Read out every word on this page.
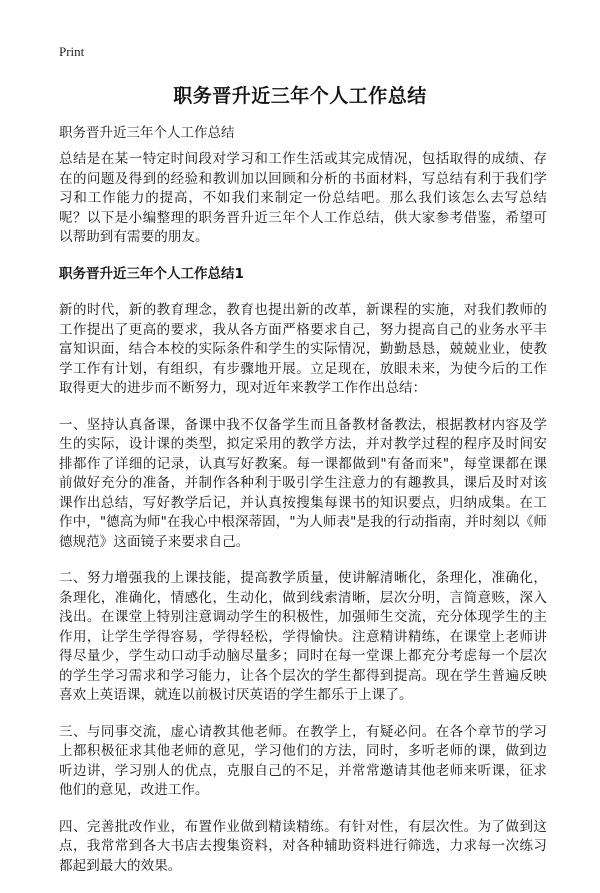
Print
职务晋升近三年个人工作总结
职务晋升近三年个人工作总结

总结是在某一特定时间段对学习和工作生活或其完成情况，包括取得的成绩、存在的问题及得到的经验和教训加以回顾和分析的书面材料，写总结有利于我们学习和工作能力的提高，不如我们来制定一份总结吧。那么我们该怎么去写总结呢？以下是小编整理的职务晋升近三年个人工作总结，供大家参考借鉴，希望可以帮助到有需要的朋友。

职务晋升近三年个人工作总结1

新的时代，新的教育理念，教育也提出新的改革，新课程的实施，对我们教师的工作提出了更高的要求，我从各方面严格要求自己，努力提高自己的业务水平丰富知识面，结合本校的实际条件和学生的实际情况，勤勤恳恳，兢兢业业，使教学工作有计划，有组织，有步骤地开展。立足现在，放眼未来，为使今后的工作取得更大的进步而不断努力，现对近年来教学工作作出总结：

一、坚持认真备课，备课中我不仅备学生而且备教材备教法，根据教材内容及学生的实际，设计课的类型，拟定采用的教学方法，并对教学过程的程序及时间安排都作了详细的记录，认真写好教案。每一课都做到"有备而来"，每堂课都在课前做好充分的准备，并制作各种利于吸引学生注意力的有趣教具，课后及时对该课作出总结，写好教学后记，并认真按搜集每课书的知识要点，归纳成集。在工作中，"德高为师"在我心中根深蒂固，"为人师表"是我的行动指南，并时刻以《师德规范》这面镜子来要求自己。

二、努力增强我的上课技能，提高教学质量，使讲解清晰化，条理化，准确化，条理化，准确化，情感化，生动化，做到线索清晰，层次分明，言简意赅，深入浅出。在课堂上特别注意调动学生的积极性，加强师生交流，充分体现学生的主作用，让学生学得容易，学得轻松，学得愉快。注意精讲精练，在课堂上老师讲得尽量少，学生动口动手动脑尽量多；同时在每一堂课上都充分考虑每一个层次的学生学习需求和学习能力，让各个层次的学生都得到提高。现在学生普遍反映喜欢上英语课，就连以前极讨厌英语的学生都乐于上课了。

三、与同事交流，虚心请教其他老师。在教学上，有疑必问。在各个章节的学习上都积极征求其他老师的意见，学习他们的方法，同时，多听老师的课，做到边听边讲，学习别人的优点，克服自己的不足，并常常邀请其他老师来听课，征求他们的意见，改进工作。

四、完善批改作业，布置作业做到精读精练。有针对性，有层次性。为了做到这点，我常常到各大书店去搜集资料，对各种辅助资料进行筛选，力求每一次练习都起到最大的效果。
